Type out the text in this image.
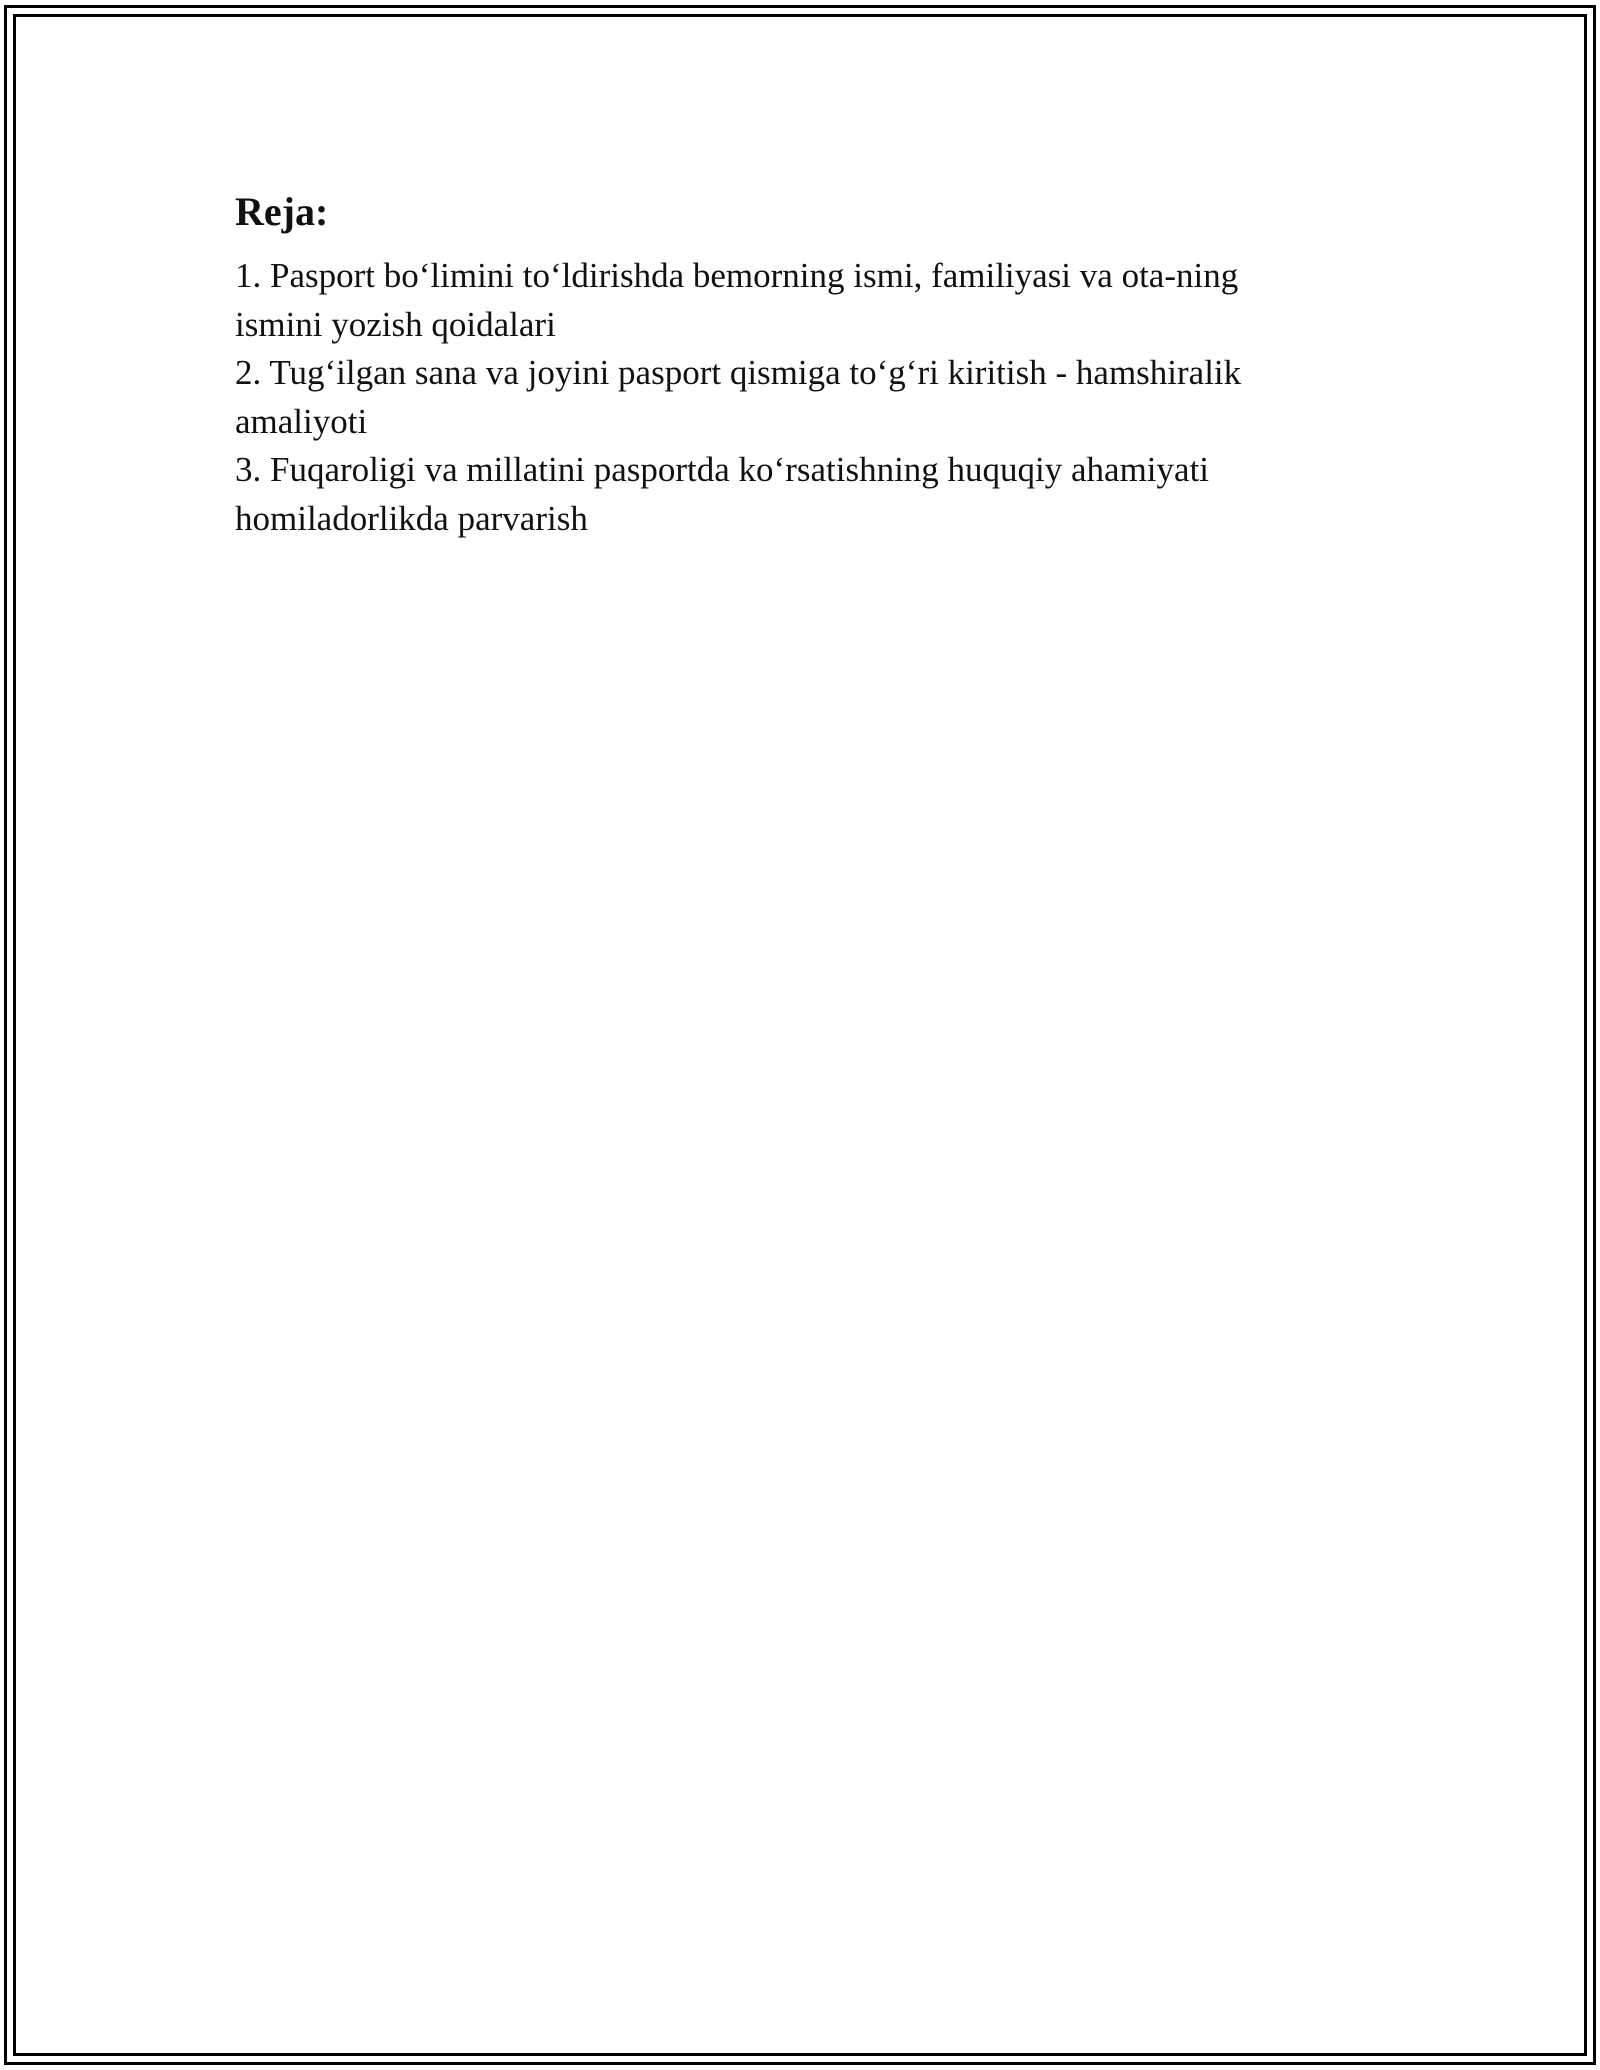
Reja:
1. Pasport bo‘limini to‘ldirishda bemorning ismi, familiyasi va ota-ning
ismini yozish qoidalari
2. Tug‘ilgan sana va joyini pasport qismiga to‘g‘ri kiritish - hamshiralik
amaliyoti
3. Fuqaroligi va millatini pasportda ko‘rsatishning huquqiy ahamiyati
homiladorlikda parvarish
